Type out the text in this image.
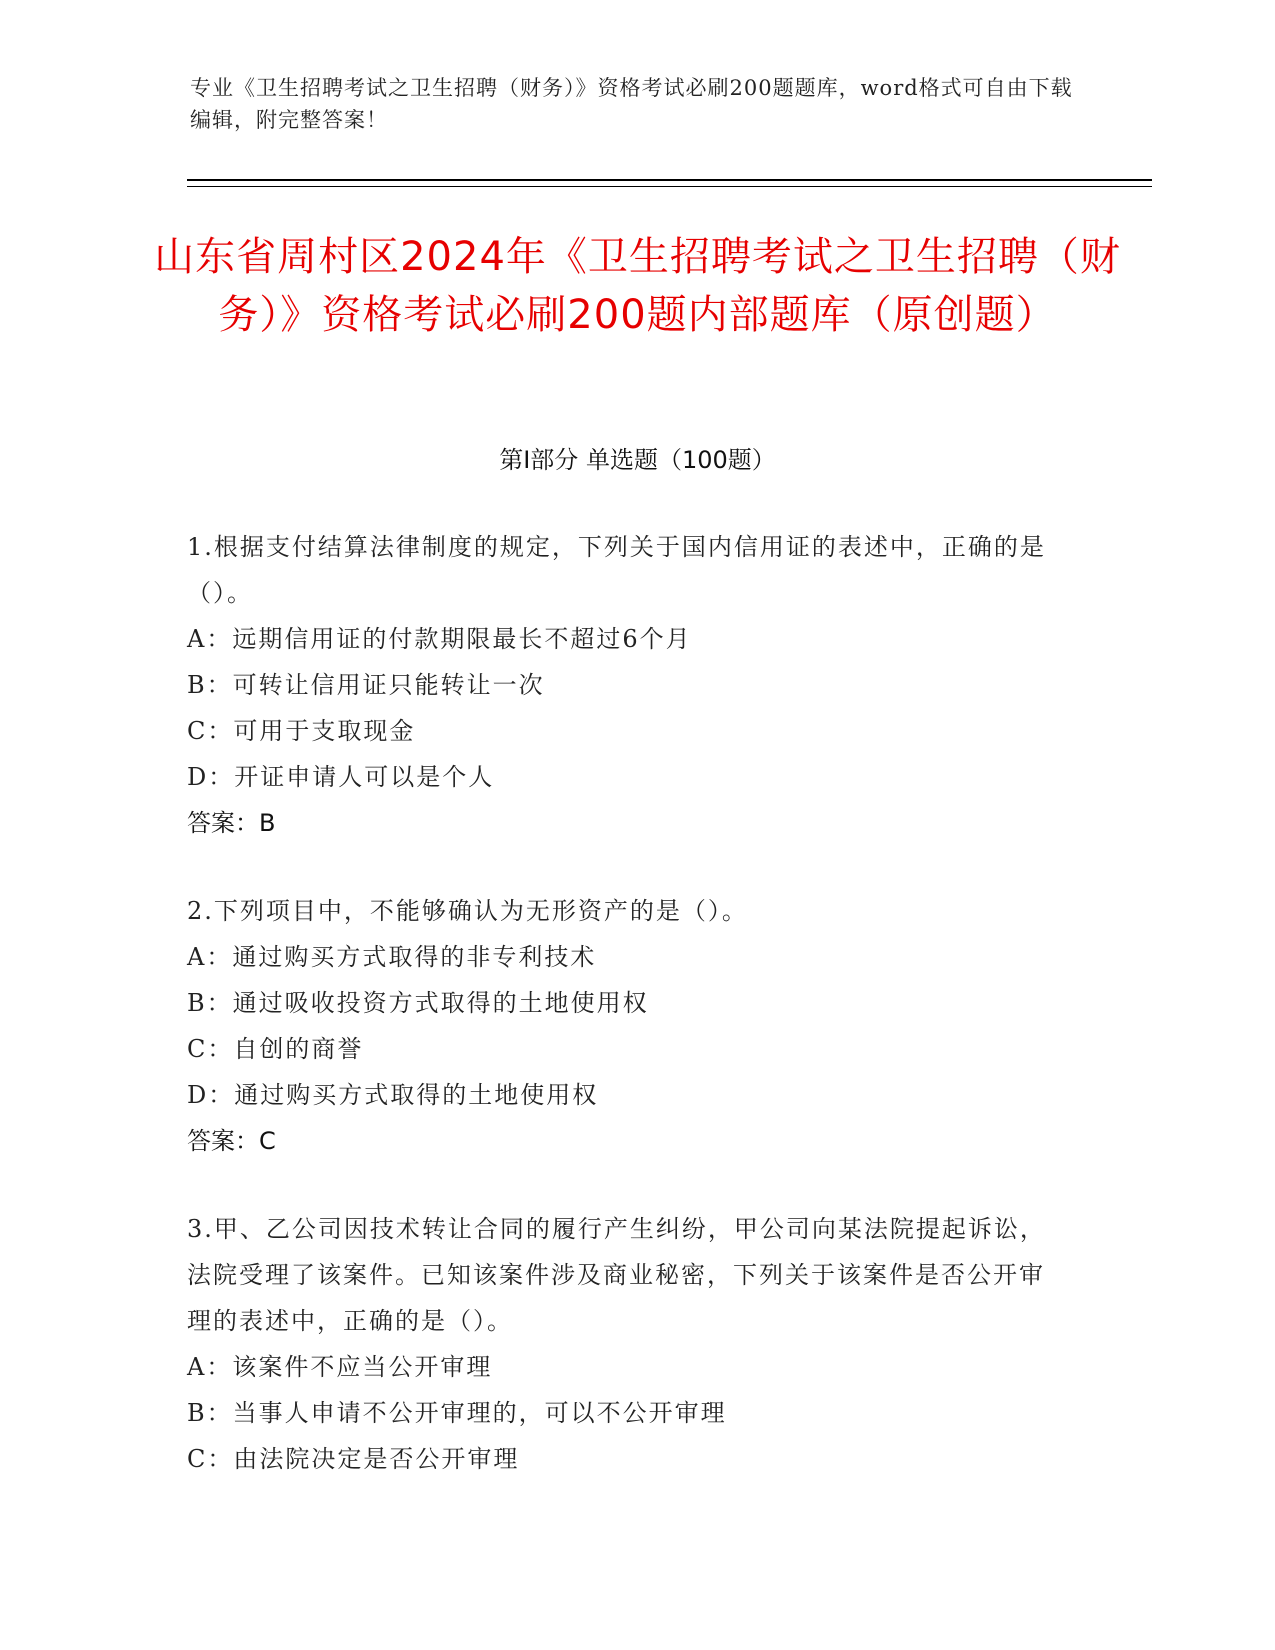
专业《卫生招聘考试之卫生招聘（财务）》资格考试必刷200题题库，word格式可自由下载编辑，附完整答案！
山东省周村区2024年《卫生招聘考试之卫生招聘（财务）》资格考试必刷200题内部题库（原创题）
第Ⅰ部分 单选题（100题）
1.根据支付结算法律制度的规定，下列关于国内信用证的表述中，正确的是（）。
A：远期信用证的付款期限最长不超过6个月
B：可转让信用证只能转让一次
C：可用于支取现金
D：开证申请人可以是个人
答案：B
2.下列项目中，不能够确认为无形资产的是（）。
A：通过购买方式取得的非专利技术
B：通过吸收投资方式取得的土地使用权
C：自创的商誉
D：通过购买方式取得的土地使用权
答案：C
3.甲、乙公司因技术转让合同的履行产生纠纷，甲公司向某法院提起诉讼，法院受理了该案件。已知该案件涉及商业秘密，下列关于该案件是否公开审理的表述中，正确的是（）。
A：该案件不应当公开审理
B：当事人申请不公开审理的，可以不公开审理
C：由法院决定是否公开审理
